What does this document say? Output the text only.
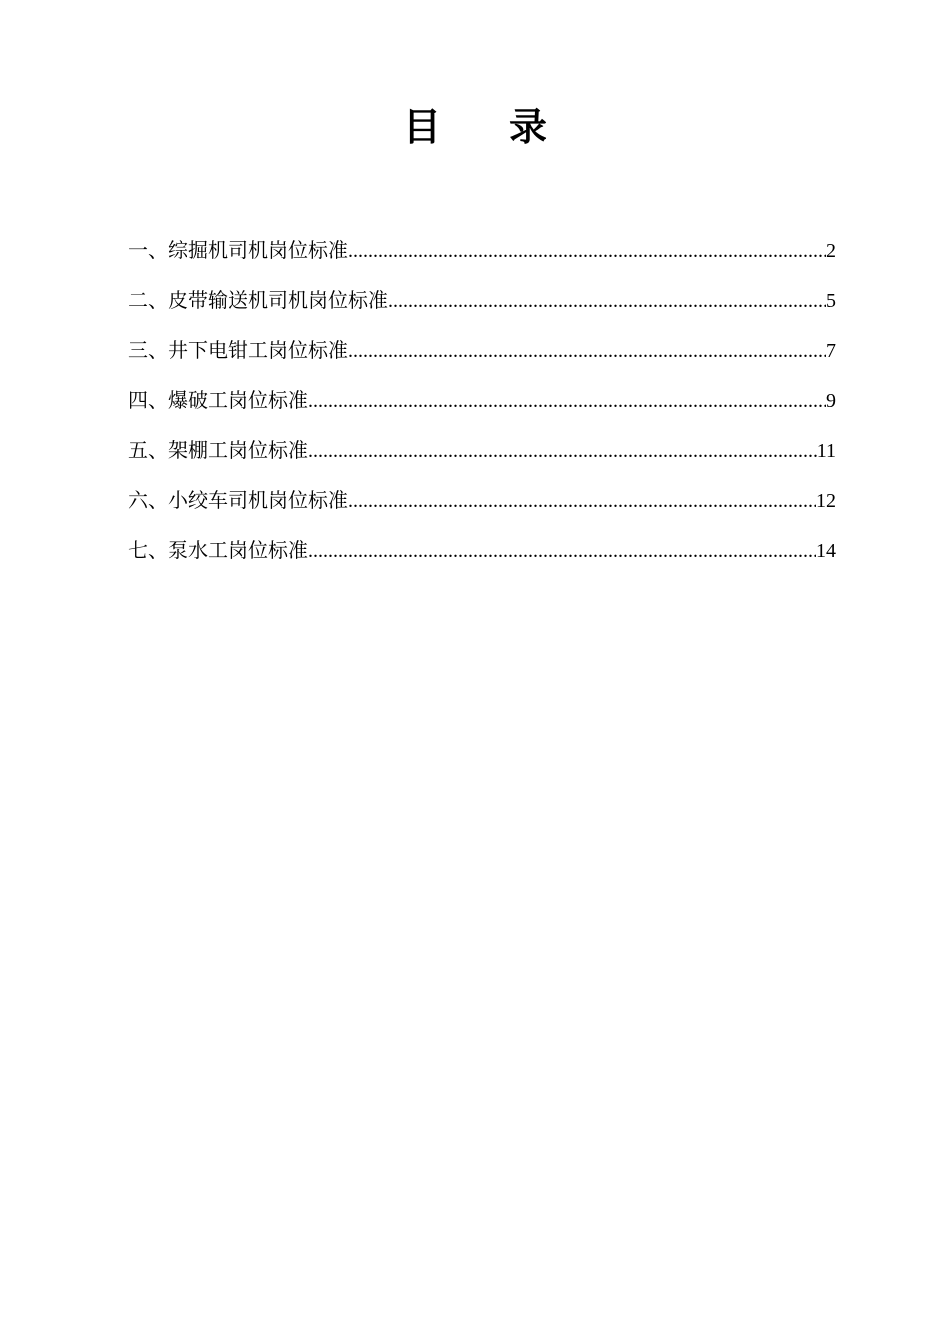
目 录
一、综掘机司机岗位标准 .....	2
二、皮带输送机司机岗位标准 .....	5
三、井下电钳工岗位标准 .....	7
四、爆破工岗位标准 .....	9
五、架棚工岗位标准 .....	11
六、小绞车司机岗位标准 .....	12
七、泵水工岗位标准 .....	14
